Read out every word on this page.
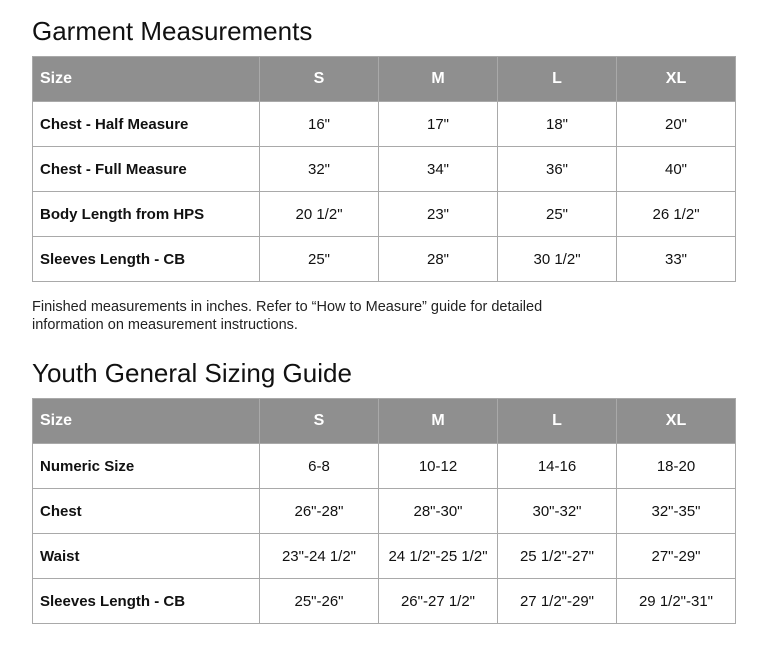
Garment Measurements
Size	S	M	L	XL
Chest - Half Measure	16"	17"	18"	20"
Chest - Full Measure	32"	34"	36"	40"
Body Length from HPS	20 1/2"	23"	25"	26 1/2"
Sleeves Length - CB	25"	28"	30 1/2"	33"

Finished measurements in inches. Refer to “How to Measure” guide for detailed information on measurement instructions.

Youth General Sizing Guide
Size	S	M	L	XL
Numeric Size	6-8	10-12	14-16	18-20
Chest	26"-28"	28"-30"	30"-32"	32"-35"
Waist	23"-24 1/2"	24 1/2"-25 1/2"	25 1/2"-27"	27"-29"
Sleeves Length - CB	25"-26"	26"-27 1/2"	27 1/2"-29"	29 1/2"-31"
